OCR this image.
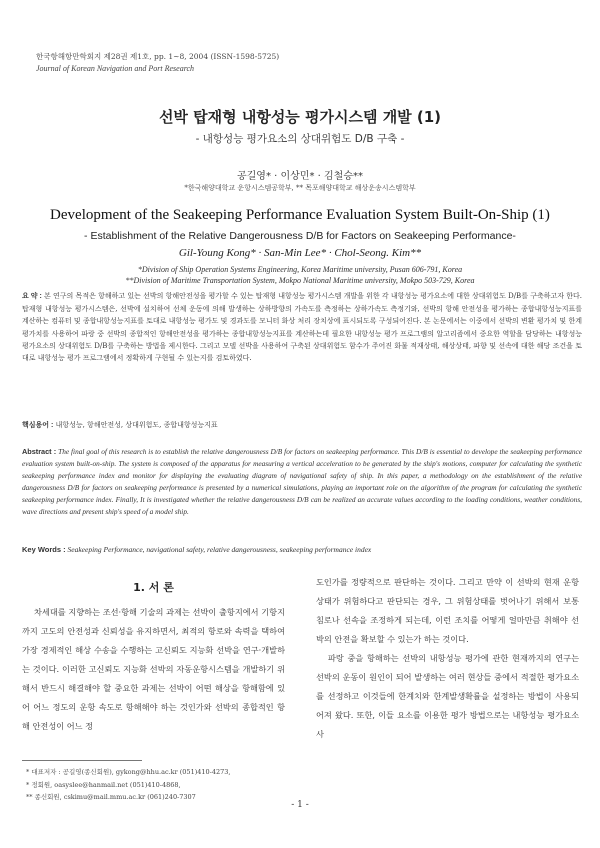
한국항해항만학회지 제28권 제1호, pp. 1~8, 2004 (ISSN-1598-5725)
Journal of Korean Navigation and Port Research
선박 탑재형 내항성능 평가시스템 개발 (1)
- 내항성능 평가요소의 상대위험도 D/B 구축 -
공길영* · 이상민* · 김철승**
*한국해양대학교 운항시스템공학부, ** 목포해양대학교 해상운송시스템학부
Development of the Seakeeping Performance Evaluation System Built-On-Ship (1)
- Establishment of the Relative Dangerousness D/B for Factors on Seakeeping Performance-
Gil-Young Kong* · San-Min Lee* · Chol-Seong. Kim**
*Division of Ship Operation Systems Engineering, Korea Maritime university, Pusan 606-791, Korea
**Division of Maritime Transportation System, Mokpo National Maritime university, Mokpo 503-729, Korea
요 약 : 본 연구의 목적은 항해하고 있는 선박의 항해안전성을 평가할 수 있는 탑재형 내항성능 평가시스템 개발을 위한 각 내항성능 평가요소에 대한 상대위험도 D/B를 구축하고자 한다. 탑재형 내항성능 평가시스템은, 선박에 설치하여 선체 운동에 의해 발생하는 상하방향의 가속도를 측정하는 상하가속도 측정기와, 선박의 항해 안전성을 평가하는 종합내항성능지표를 계산하는 컴퓨터 및 종합내항성능지표를 토대로 내항성능 평가도 및 경과도를 모니터 화상 처리 장치상에 표시되도록 구성되어진다. 본 논문에서는 이중에서 선박의 변환 평가치 및 한계 평가치를 사용하여 파랑 중 선박의 종합적인 항해안전성을 평가하는 종합내항성능지표를 계산하는데 필요한 내항성능 평가 프로그램의 알고리즘에서 중요한 역할을 담당하는 내항성능 평가요소의 상대위험도 D/B를 구축하는 방법을 제시한다. 그리고 모델 선박을 사용하여 구축된 상대위험도 함수가 주어진 화물 적재상태, 해상상태, 파향 및 선속에 대한 해당 조건을 토대로 내항성능 평가 프로그램에서 정확하게 구현될 수 있는지를 검토하였다.
핵심용어 : 내항성능, 항해안전성, 상대위험도, 종합내항성능지표
Abstract : The final goal of this research is to establish the relative dangerousness D/B for factors on seakeeping performance. This D/B is essential to develope the seakeeping performance evaluation system built-on-ship. The system is composed of the apparatus for measuring a vertical acceleration to be generated by the ship's motions, computer for calculating the synthetic seakeeping performance index and monitor for displaying the evaluating diagram of navigational safety of ship. In this paper, a methodology on the establishment of the relative dangerousness D/B for factors on seakeeping performance is presented by a numerical simulations, playing an important role on the algorithm of the program for calculating the synthetic seakeeping performance index. Finally, It is investigated whether the relative dangerousness D/B can be realized an accurate values according to the loading conditions, weather conditions, wave directions and present ship's speed of a model ship.
Key Words : Seakeeping Performance, navigational safety, relative dangerousness, seakeeping performance index
1. 서 론

차세대를 지향하는 조선·항해 기술의 과제는 선박이 출항지에서 기항지까지 고도의 안전성과 신뢰성을 유지하면서, 최적의 항로와 속력을 택하여 가장 경제적인 해상 수송을 수행하는 고신뢰도 지능화 선박을 연구·개발하는 것이다. 이러한 고신뢰도 지능화 선박의 자동운항시스템을 개발하기 위해서 반드시 해결해야 할 중요한 과제는 선박이 어떤 해상을 항해함에 있어 어느 정도의 운항 속도로 항해해야 하는 것인가와 선박의 종합적인 항해 안전성이 어느 정

도인가를 정량적으로 판단하는 것이다. 그리고 만약 이 선박의 현재 운항 상태가 위험하다고 판단되는 경우, 그 위험상태를 벗어나기 위해서 보통 침로나 선속을 조정하게 되는데, 이런 조치를 어떻게 얼마만큼 취해야 선박의 안전을 확보할 수 있는가 하는 것이다.

파랑 중을 항해하는 선박의 내항성능 평가에 관한 현재까지의 연구는 선박의 운동이 원인이 되어 발생하는 여러 현상들 중에서 적절한 평가요소를 선정하고 이것들에 한계치와 한계발생확률을 설정하는 방법이 사용되어져 왔다. 또한, 이들 요소를 이용한 평가 방법으로는 내항성능 평가요소 사

* 대표저자 : 공길영(종신회원), gykong@hhu.ac.kr (051)410-4273,
* 정회원, oasyslee@hanmail.net (051)410-4868,
** 종신회원, cskimu@mail.mmu.ac.kr (061)240-7307
- 1 -
